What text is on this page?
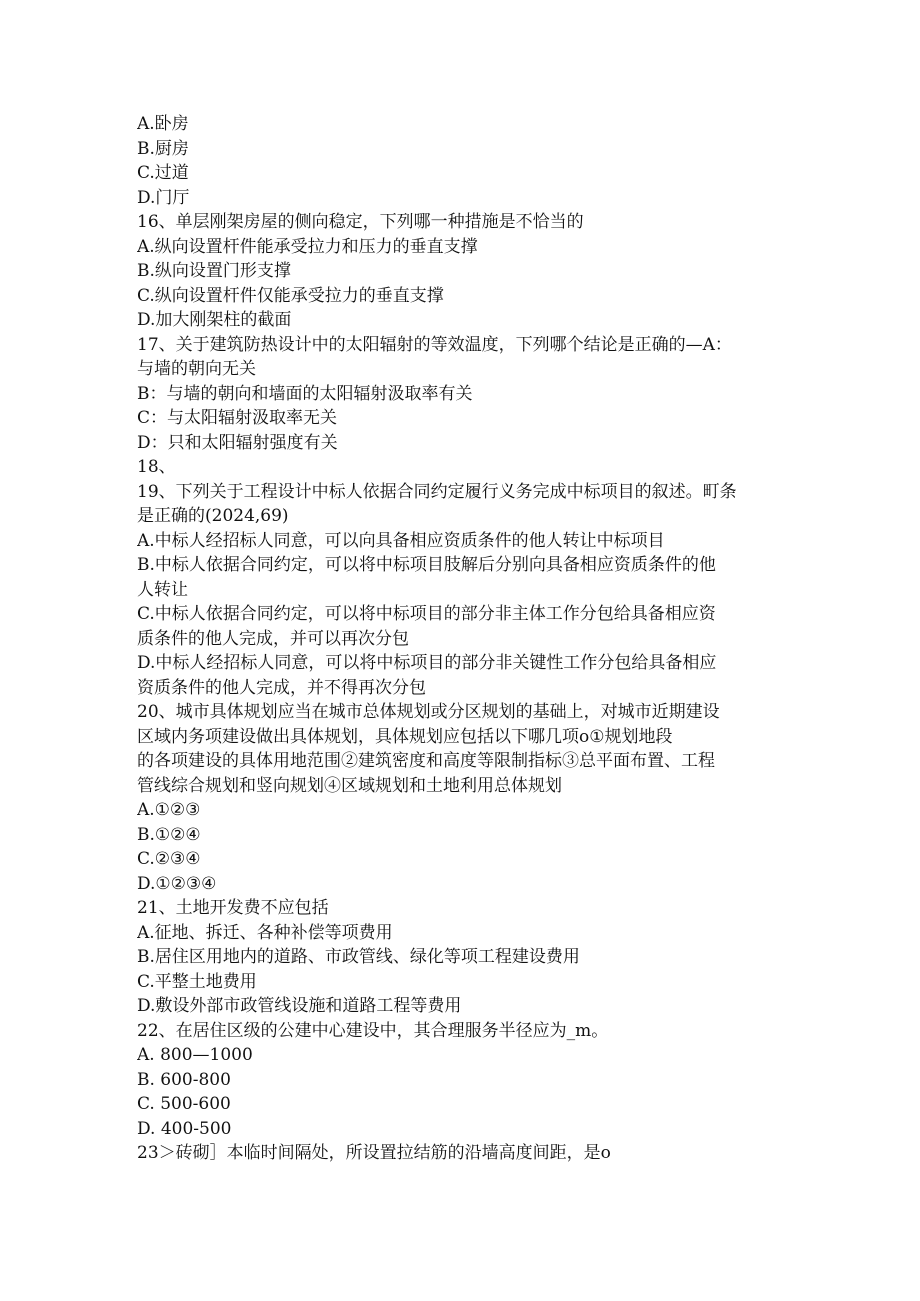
A.卧房
B.厨房
C.过道
D.门厅
16、单层刚架房屋的侧向稳定，下列哪一种措施是不恰当的
A.纵向设置杆件能承受拉力和压力的垂直支撑
B.纵向设置门形支撑
C.纵向设置杆件仅能承受拉力的垂直支撑
D.加大刚架柱的截面
17、关于建筑防热设计中的太阳辐射的等效温度，下列哪个结论是正确的—A：
与墙的朝向无关
B：与墙的朝向和墙面的太阳辐射汲取率有关
C：与太阳辐射汲取率无关
D：只和太阳辐射强度有关
18、
19、下列关于工程设计中标人依据合同约定履行义务完成中标项目的叙述。町条
是正确的(2024,69)
A.中标人经招标人同意，可以向具备相应资质条件的他人转让中标项目
B.中标人依据合同约定，可以将中标项目肢解后分别向具备相应资质条件的他
人转让
C.中标人依据合同约定，可以将中标项目的部分非主体工作分包给具备相应资
质条件的他人完成，并可以再次分包
D.中标人经招标人同意，可以将中标项目的部分非关键性工作分包给具备相应
资质条件的他人完成，并不得再次分包
20、城市具体规划应当在城市总体规划或分区规划的基础上，对城市近期建设
区域内务项建设做出具体规划，具体规划应包括以下哪几项o①规划地段
的各项建设的具体用地范围②建筑密度和高度等限制指标③总平面布置、工程
管线综合规划和竖向规划④区域规划和土地利用总体规划
A.①②③
B.①②④
C.②③④
D.①②③④
21、土地开发费不应包括
A.征地、拆迁、各种补偿等项费用
B.居住区用地内的道路、市政管线、绿化等项工程建设费用
C.平整土地费用
D.敷设外部市政管线设施和道路工程等费用
22、在居住区级的公建中心建设中，其合理服务半径应为_m。
A. 800—1000
B. 600-800
C. 500-600
D. 400-500
23＞砖砌］本临时间隔处，所设置拉结筋的沿墙高度间距，是o
